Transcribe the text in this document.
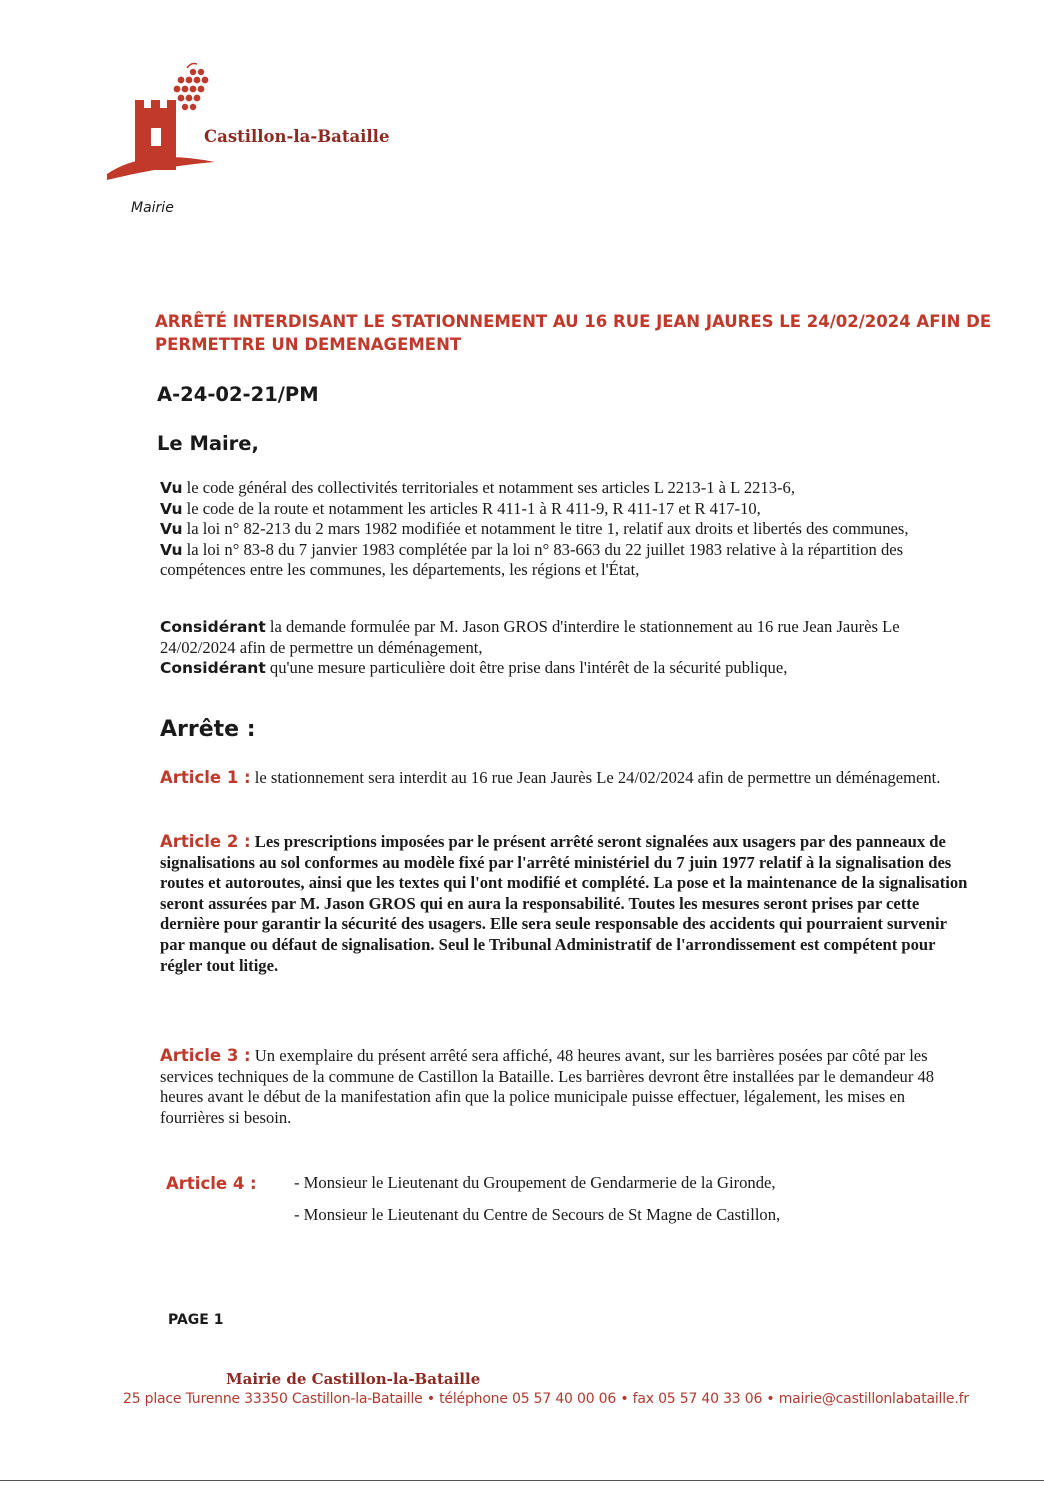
Castillon-la-Bataille
Mairie
ARRÊTÉ INTERDISANT LE STATIONNEMENT AU 16 RUE JEAN JAURES LE 24/02/2024 AFIN DE PERMETTRE UN DEMENAGEMENT
A-24-02-21/PM
Le Maire,
Vu le code général des collectivités territoriales et notamment ses articles L 2213-1 à L 2213-6,
Vu le code de la route et notamment les articles R 411-1 à R 411-9, R 411-17 et R 417-10,
Vu la loi n° 82-213 du 2 mars 1982 modifiée et notamment le titre 1, relatif aux droits et libertés des communes,
Vu la loi n° 83-8 du 7 janvier 1983 complétée par la loi n° 83-663 du 22 juillet 1983 relative à la répartition des compétences entre les communes, les départements, les régions et l'État,
Considérant la demande formulée par M. Jason GROS d'interdire le stationnement au 16 rue Jean Jaurès Le 24/02/2024 afin de permettre un déménagement,
Considérant qu'une mesure particulière doit être prise dans l'intérêt de la sécurité publique,
Arrête :
Article 1 : le stationnement sera interdit au 16 rue Jean Jaurès Le 24/02/2024 afin de permettre un déménagement.
Article 2 : Les prescriptions imposées par le présent arrêté seront signalées aux usagers par des panneaux de signalisations au sol conformes au modèle fixé par l'arrêté ministériel du 7 juin 1977 relatif à la signalisation des routes et autoroutes, ainsi que les textes qui l'ont modifié et complété. La pose et la maintenance de la signalisation seront assurées par M. Jason GROS qui en aura la responsabilité. Toutes les mesures seront prises par cette dernière pour garantir la sécurité des usagers. Elle sera seule responsable des accidents qui pourraient survenir par manque ou défaut de signalisation. Seul le Tribunal Administratif de l'arrondissement est compétent pour régler tout litige.
Article 3 : Un exemplaire du présent arrêté sera affiché, 48 heures avant, sur les barrières posées par côté par les services techniques de la commune de Castillon la Bataille. Les barrières devront être installées par le demandeur 48 heures avant le début de la manifestation afin que la police municipale puisse effectuer, légalement, les mises en fourrières si besoin.
Article 4 : - Monsieur le Lieutenant du Groupement de Gendarmerie de la Gironde,
- Monsieur le Lieutenant du Centre de Secours de St Magne de Castillon,
PAGE 1
Mairie de Castillon-la-Bataille
25 place Turenne 33350 Castillon-la-Bataille • téléphone 05 57 40 00 06 • fax 05 57 40 33 06 • mairie@castillonlabataille.fr
